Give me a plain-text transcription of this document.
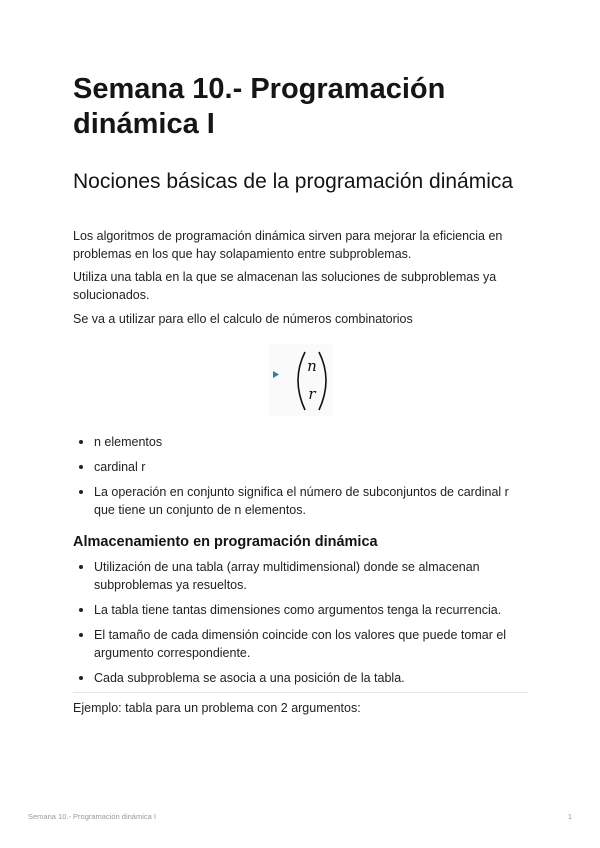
Semana 10.- Programación dinámica I
Nociones básicas de la programación dinámica

Los algoritmos de programación dinámica sirven para mejorar la eficiencia en problemas en los que hay solapamiento entre subproblemas.

Utiliza una tabla en la que se almacenan las soluciones de subproblemas ya solucionados.

Se va a utilizar para ello el calculo de números combinatorios

n
r
n elementos
cardinal r
La operación en conjunto significa el número de subconjuntos de cardinal r que tiene un conjunto de n elementos.
Almacenamiento en programación dinámica
Utilización de una tabla (array multidimensional) donde se almacenan subproblemas ya resueltos.
La tabla tiene tantas dimensiones como argumentos tenga la recurrencia.
El tamaño de cada dimensión coincide con los valores que puede tomar el argumento correspondiente.
Cada subproblema se asocia a una posición de la tabla.

Ejemplo: tabla para un problema con 2 argumentos:

Semana 10.- Programación dinámica I	1
